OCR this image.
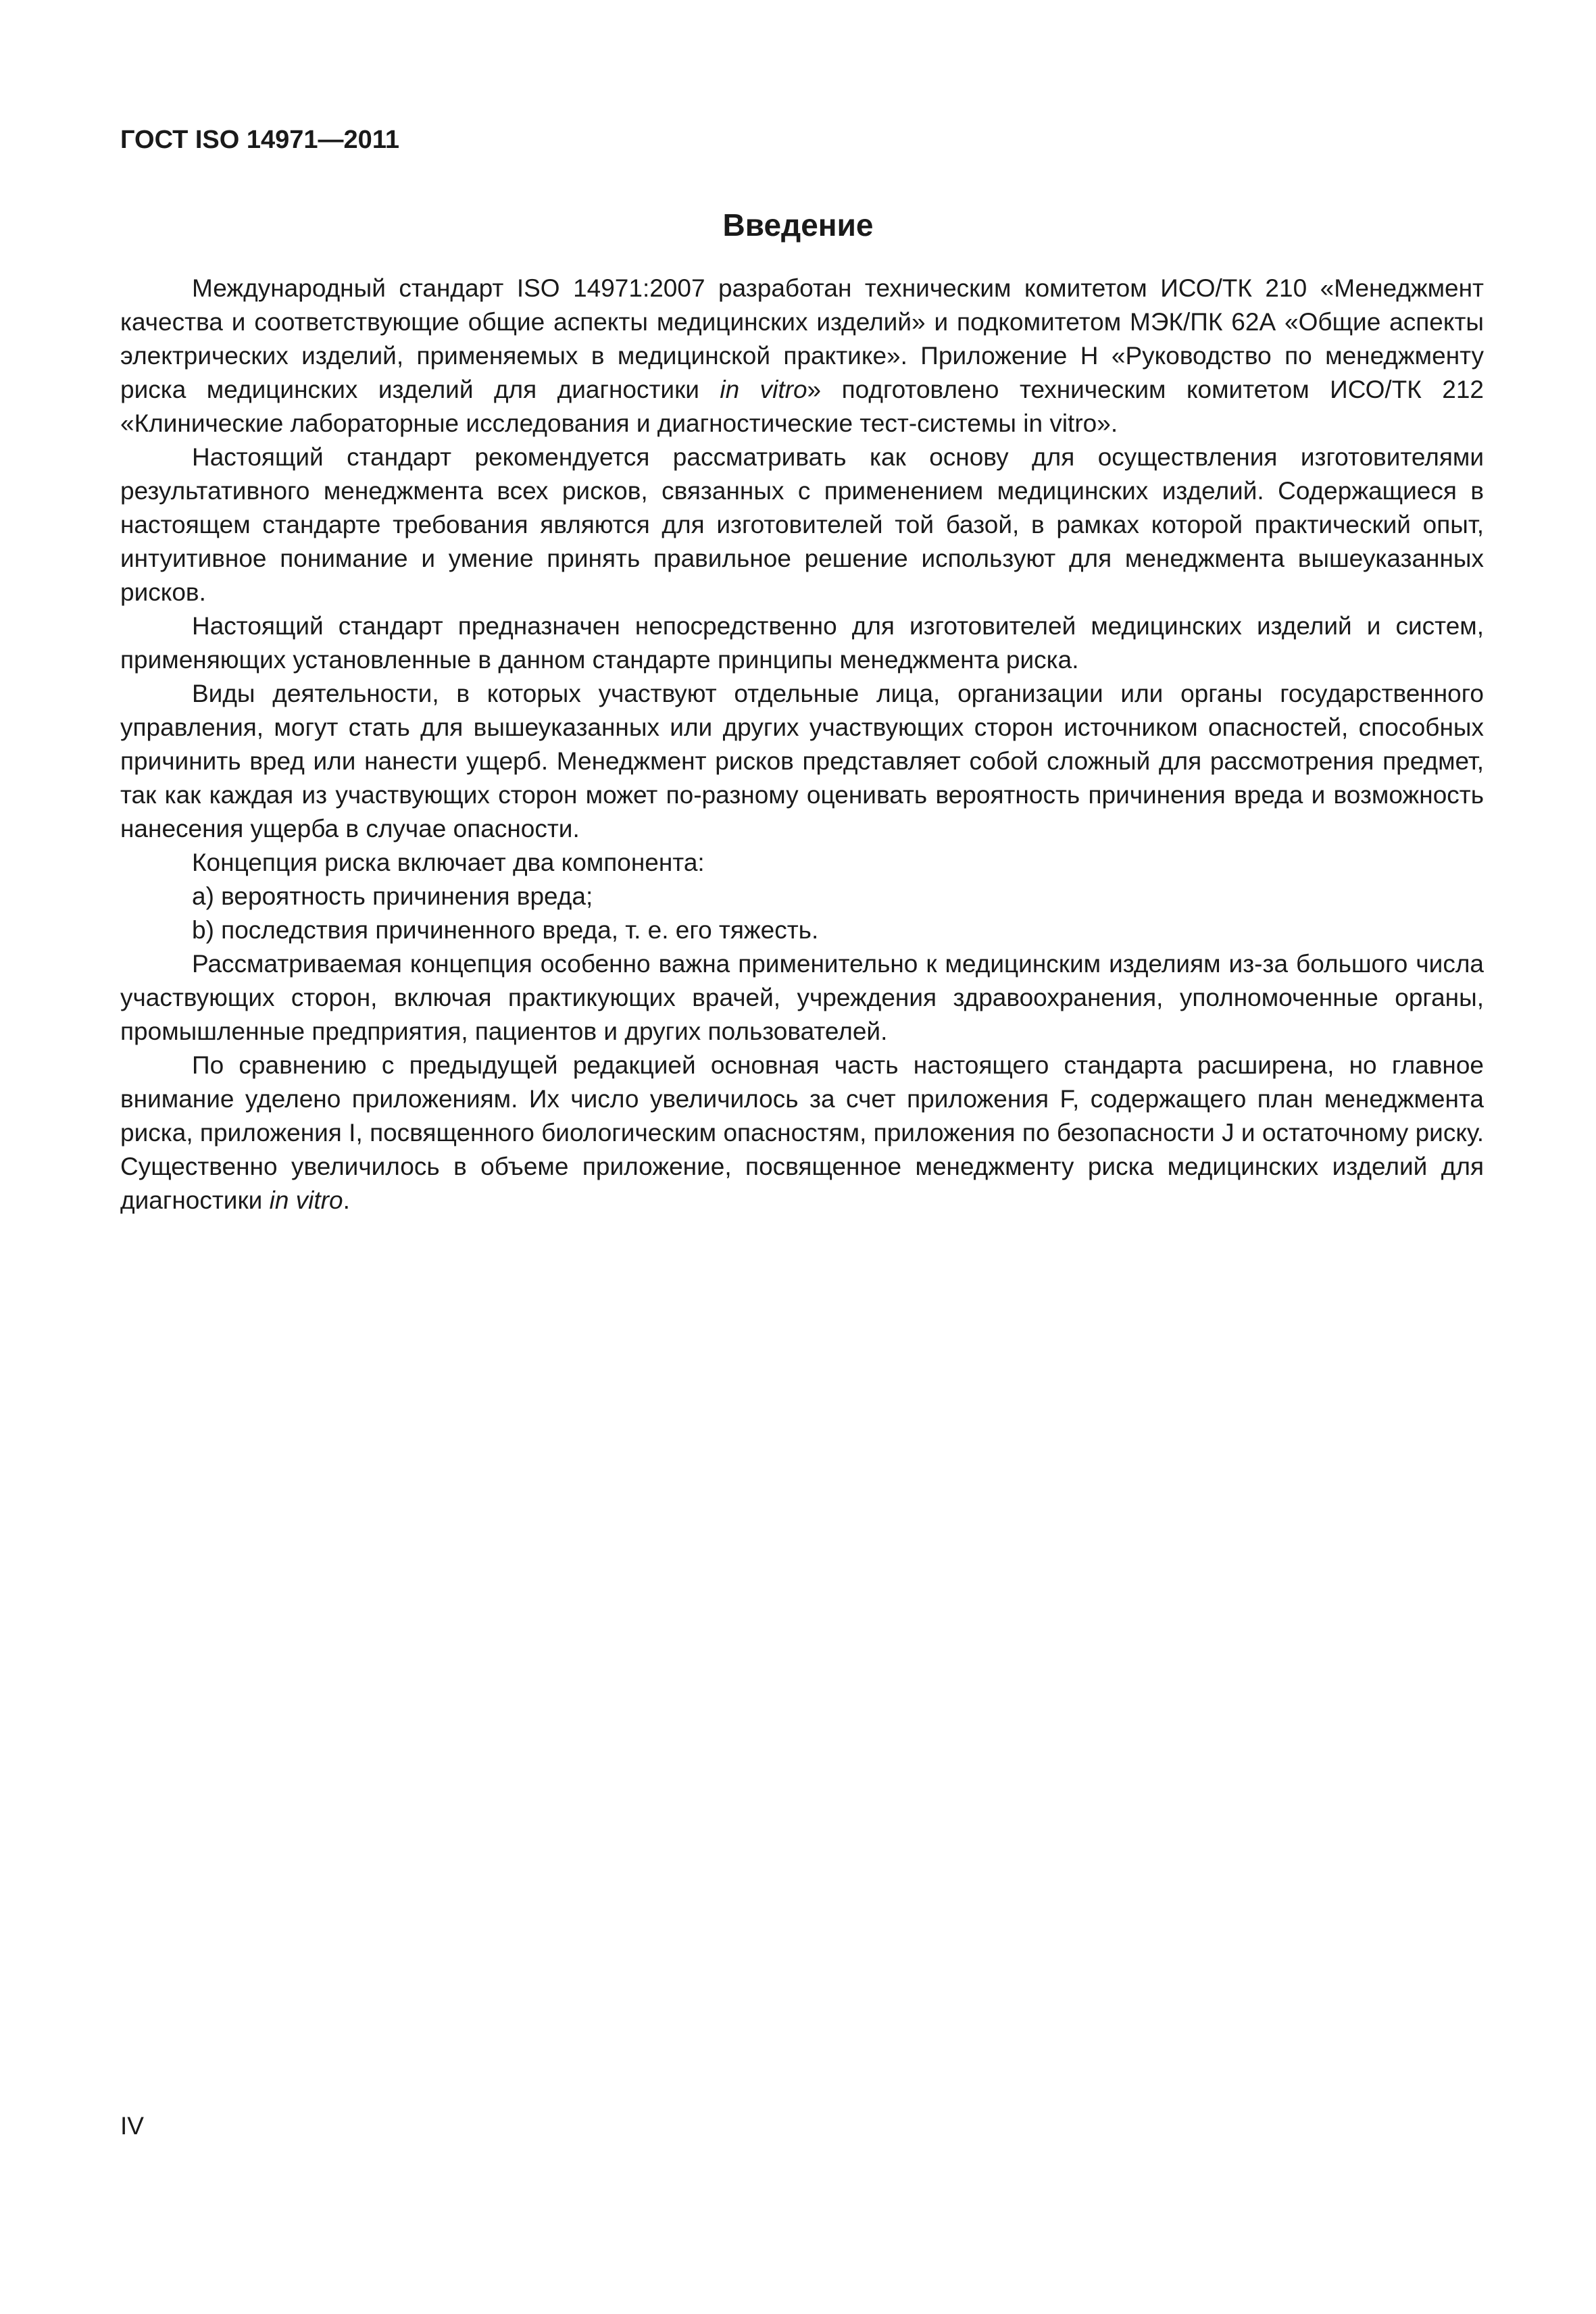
ГОСТ ISO 14971—2011

Введение

Международный стандарт ISO 14971:2007 разработан техническим комитетом ИСО/ТК 210 «Менеджмент качества и соответствующие общие аспекты медицинских изделий» и подкомитетом МЭК/ПК 62А «Общие аспекты электрических изделий, применяемых в медицинской практике». Приложение Н «Руководство по менеджменту риска медицинских изделий для диагностики in vitro» подготовлено техническим комитетом ИСО/ТК 212 «Клинические лабораторные исследования и диагностические тест-системы in vitro».

Настоящий стандарт рекомендуется рассматривать как основу для осуществления изготовителями результативного менеджмента всех рисков, связанных с применением медицинских изделий. Содержащиеся в настоящем стандарте требования являются для изготовителей той базой, в рамках которой практический опыт, интуитивное понимание и умение принять правильное решение используют для менеджмента вышеуказанных рисков.

Настоящий стандарт предназначен непосредственно для изготовителей медицинских изделий и систем, применяющих установленные в данном стандарте принципы менеджмента риска.

Виды деятельности, в которых участвуют отдельные лица, организации или органы государственного управления, могут стать для вышеуказанных или других участвующих сторон источником опасностей, способных причинить вред или нанести ущерб. Менеджмент рисков представляет собой сложный для рассмотрения предмет, так как каждая из участвующих сторон может по-разному оценивать вероятность причинения вреда и возможность нанесения ущерба в случае опасности.

Концепция риска включает два компонента:

a) вероятность причинения вреда;

b) последствия причиненного вреда, т. е. его тяжесть.

Рассматриваемая концепция особенно важна применительно к медицинским изделиям из-за большого числа участвующих сторон, включая практикующих врачей, учреждения здравоохранения, уполномоченные органы, промышленные предприятия, пациентов и других пользователей.

По сравнению с предыдущей редакцией основная часть настоящего стандарта расширена, но главное внимание уделено приложениям. Их число увеличилось за счет приложения F, содержащего план менеджмента риска, приложения I, посвященного биологическим опасностям, приложения по безопасности J и остаточному риску. Существенно увеличилось в объеме приложение, посвященное менеджменту риска медицинских изделий для диагностики in vitro.

IV
